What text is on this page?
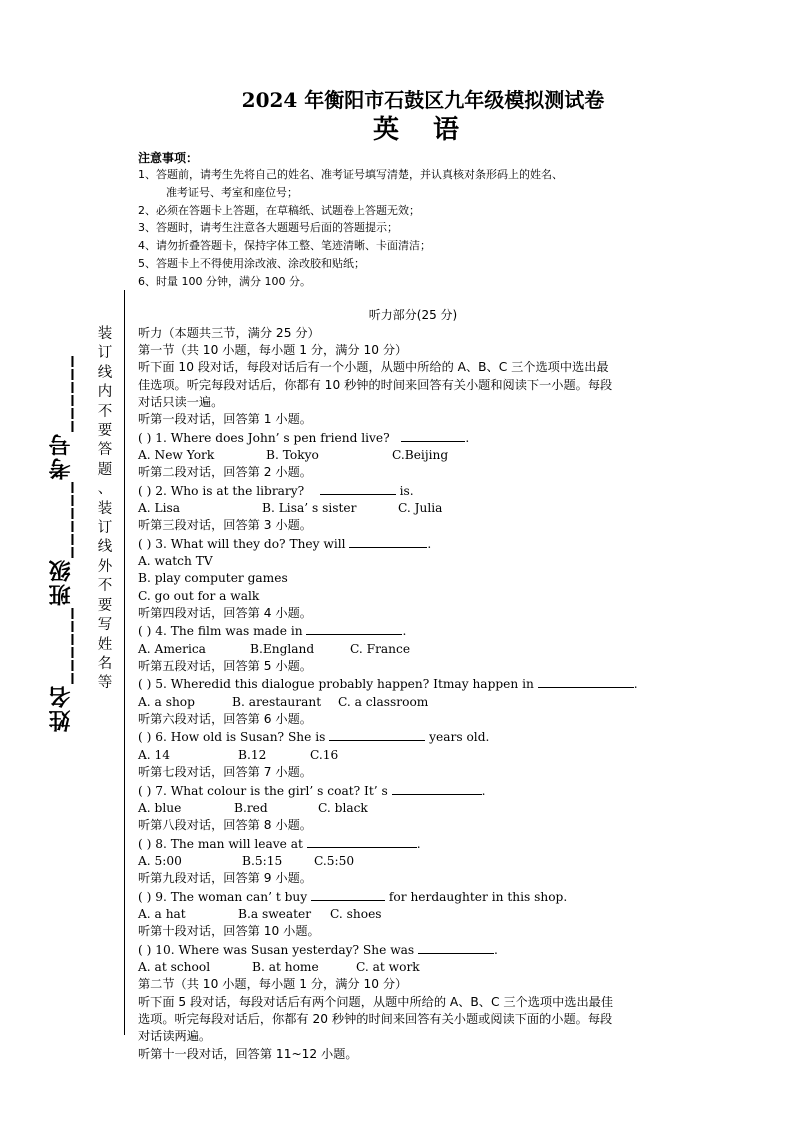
姓名______班级______考号______
装
订
线
内
不
要
答
题
、
装
订
线
外
不
要
写
姓
名
等
2024 年衡阳市石鼓区九年级模拟测试卷
英语
注意事项：
1、答题前，请考生先将自己的姓名、准考证号填写清楚，并认真核对条形码上的姓名、
准考证号、考室和座位号；
2、必须在答题卡上答题，在草稿纸、试题卷上答题无效；
3、答题时，请考生注意各大题题号后面的答题提示；
4、请勿折叠答题卡，保持字体工整、笔迹清晰、卡面清洁；
5、答题卡上不得使用涂改液、涂改胶和贴纸；
6、时量 100 分钟，满分 100 分。
听力部分(25 分)
听力（本题共三节，满分 25 分）
第一节（共 10 小题，每小题 1 分，满分 10 分）
听下面 10 段对话，每段对话后有一个小题，从题中所给的 A、B、C 三个选项中选出最
佳选项。听完每段对话后，你都有 10 秒钟的时间来回答有关小题和阅读下一小题。每段
对话只读一遍。
听第一段对话，回答第 1 小题。
( ) 1. Where does John’ s pen friend live?	.
A. New York	B. Tokyo	C.Beijing
听第二段对话，回答第 2 小题。
( ) 2. Who is at the library?	is.
A. Lisa	B. Lisa’ s sister	C. Julia
听第三段对话，回答第 3 小题。
( ) 3. What will they do? They will	.
A. watch TV
B. play computer games
C. go out for a walk
听第四段对话，回答第 4 小题。
( ) 4. The film was made in	.
A. America	B.England	C. France
听第五段对话，回答第 5 小题。
( ) 5. Wheredid this dialogue probably happen? Itmay happen in	.
A. a shop	B. arestaurant C. a classroom
听第六段对话，回答第 6 小题。
( ) 6. How old is Susan? She is	years old.
A. 14	B.12	C.16
听第七段对话，回答第 7 小题。
( ) 7. What colour is the girl’ s coat? It’ s	.
A. blue	B.red	C. black
听第八段对话，回答第 8 小题。
( ) 8. The man will leave at	.
A. 5:00	B.5:15	C.5:50
听第九段对话，回答第 9 小题。
( ) 9. The woman can’ t buy	for herdaughter in this shop.
A. a hat	B.a sweater C. shoes
听第十段对话，回答第 10 小题。
( ) 10. Where was Susan yesterday? She was	.
A. at school	B. at home	C. at work
第二节（共 10 小题，每小题 1 分，满分 10 分）
听下面 5 段对话，每段对话后有两个问题，从题中所给的 A、B、C 三个选项中选出最佳
选项。听完每段对话后，你都有 20 秒钟的时间来回答有关小题或阅读下面的小题。每段
对话读两遍。
听第十一段对话，回答第 11~12 小题。
